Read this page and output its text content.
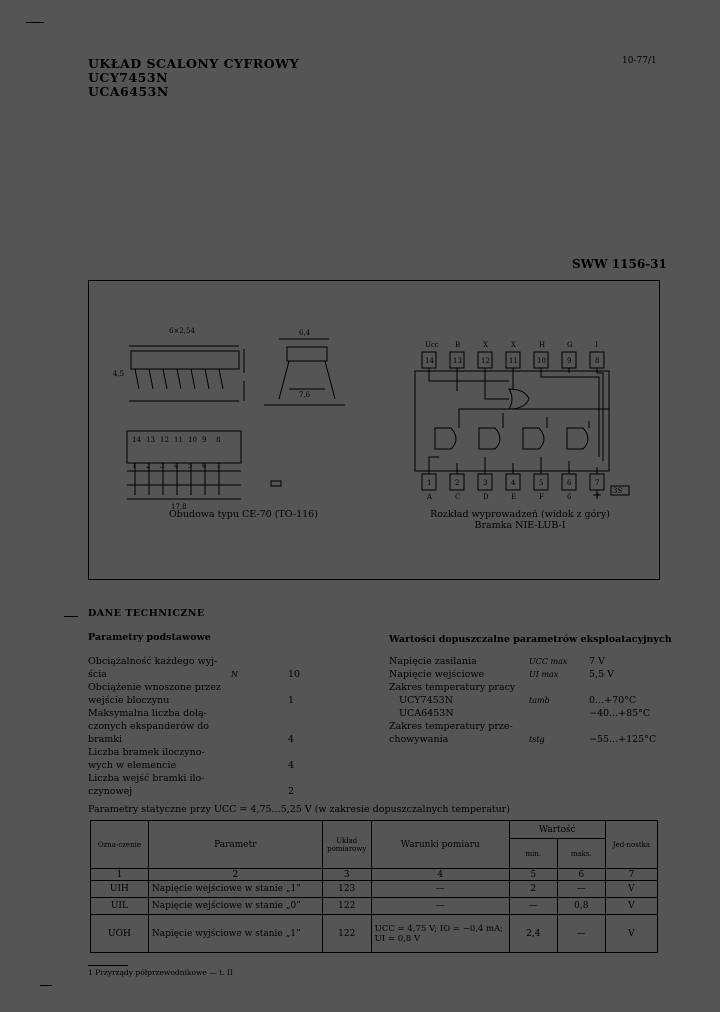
UKŁAD SCALONY CYFROWY
UCY7453N
UCA6453N
10-77/1
SWW 1156-31
6×2,54
4,5
17,8
6,4
7,6
14 13 12 11 10 9 8
1 2 3 4 5 6 7
Ucc B	X	X	H	G	I
14	13	12	11	10	9	8
1	2	3	4	5	6	7
A	C	D	E	F	6	7
3S
Obudowa typu CE-70 (TO-116)	Rozkład wyprowadzeń (widok z góry)
Bramka NIE-LUB-I
DANE TECHNICZNE
Parametry podstawowe
Obciążalność każdego wyj-
ścia	N	10
Obciążenie wnoszone przez
wejście bloczynu	1
Maksymalna liczba dołą-
czonych ekspanderów do
bramki	4
Liczba bramek iloczyno-
wych w elemencie	4
Liczba wejść bramki ilo-
czynowej	2
Wartości dopuszczalne parametrów eksploatacyjnych
Napięcie zasilania	UCC max 7 V
Napięcie wejściowe	UI max	5,5 V
Zakres temperatury pracy
UCY7453N	tamb	0...+70°C
UCA6453N	−40...+85°C
Zakres temperatury prze-
chowywania	tstg	−55...+125°C
Parametry statyczne przy UCC = 4,75...5,25 V (w zakresie dopuszczalnych temperatur)
Ozna-czenie	Parametr	Układ pomiarowy	Warunki pomiaru	Wartość		Jed-nostka
				min.	maks.	
1	2	3	4	5	6	7
UIH	Napięcie wejściowe w stanie „1”	123	—	2	—	V
UIL	Napięcie wejściowe w stanie „0”	122	—	—	0,8	V
UOH	Napięcie wyjściowe w stanie „1”	122	UCC = 4,75 V; IO = −0,4 mA; UI = 0,8 V	2,4	—	V
1 Przyrządy półprzewodnikowe — t. II
